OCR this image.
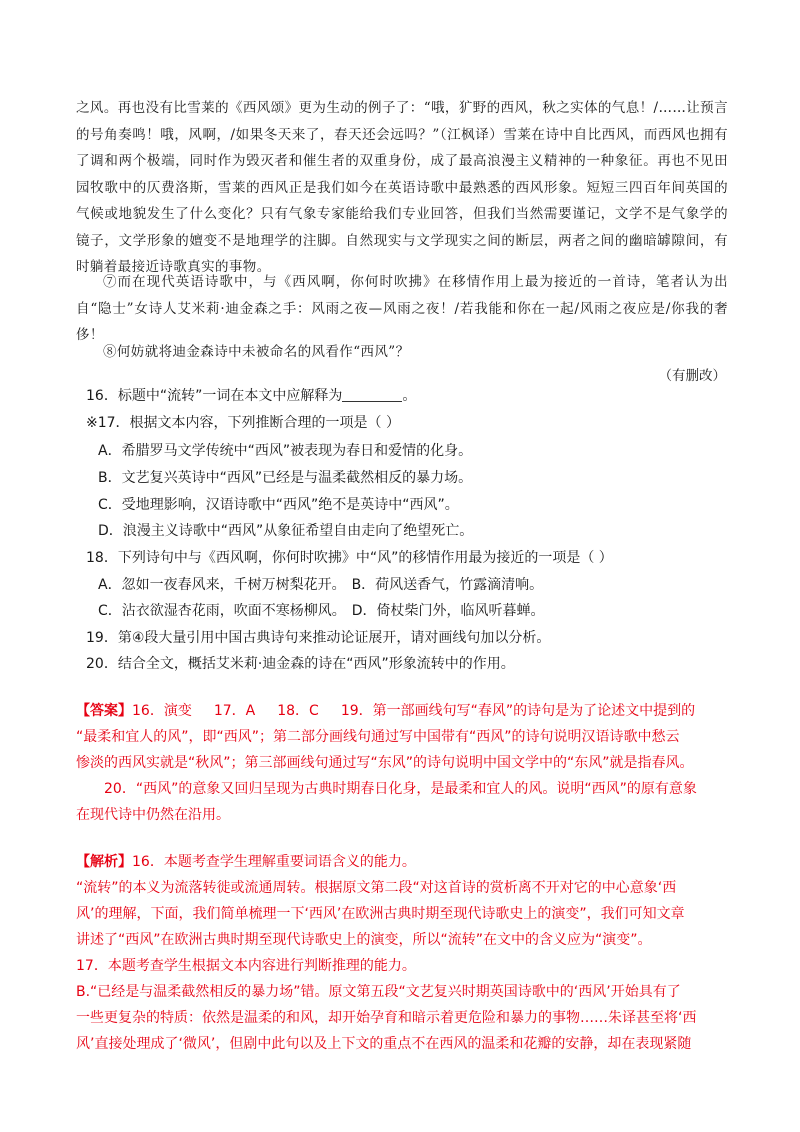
之风。再也没有比雪莱的《西风颂》更为生动的例子了：“哦，犷野的西风，秋之实体的气息！/……让预言的号角奏鸣！哦，风啊，/如果冬天来了，春天还会远吗？”（江枫译）雪莱在诗中自比西风，而西风也拥有了调和两个极端，同时作为毁灭者和催生者的双重身份，成了最高浪漫主义精神的一种象征。再也不见田园牧歌中的仄费洛斯，雪莱的西风正是我们如今在英语诗歌中最熟悉的西风形象。短短三四百年间英国的气候或地貌发生了什么变化？只有气象专家能给我们专业回答，但我们当然需要谨记，文学不是气象学的镜子，文学形象的嬗变不是地理学的注脚。自然现实与文学现实之间的断层，两者之间的幽暗罅隙间，有时躺着最接近诗歌真实的事物。

⑦而在现代英语诗歌中，与《西风啊，你何时吹拂》在移情作用上最为接近的一首诗，笔者认为出自“隐士”女诗人艾米莉·迪金森之手：风雨之夜—风雨之夜！/若我能和你在一起/风雨之夜应是/你我的奢侈！

⑧何妨就将迪金森诗中未被命名的风看作“西风”？

（有删改）
16．标题中“流转”一词在本文中应解释为	。
※17．根据文本内容，下列推断合理的一项是（ ）
A．希腊罗马文学传统中“西风”被表现为春日和爱情的化身。
B．文艺复兴英诗中“西风”已经是与温柔截然相反的暴力场。
C．受地理影响，汉语诗歌中“西风”绝不是英诗中“西风”。
D．浪漫主义诗歌中“西风”从象征希望自由走向了绝望死亡。
18．下列诗句中与《西风啊，你何时吹拂》中“风”的移情作用最为接近的一项是（ ）
A．忽如一夜春风来，千树万树梨花开。 B．荷风送香气，竹露滴清响。
C．沾衣欲湿杏花雨，吹面不寒杨柳风。 D．倚杖柴门外，临风听暮蝉。
19．第④段大量引用中国古典诗句来推动论证展开，请对画线句加以分析。
20．结合全文，概括艾米莉·迪金森的诗在“西风”形象流转中的作用。
【答案】16．演变 17．A 18．C 19．第一部画线句写“春风”的诗句是为了论述文中提到的
“最柔和宜人的风”，即“西风”；第二部分画线句通过写中国带有“西风”的诗句说明汉语诗歌中愁云
惨淡的西风实就是“秋风”；第三部画线句通过写“东风”的诗句说明中国文学中的“东风”就是指春风。
20．“西风”的意象又回归呈现为古典时期春日化身，是最柔和宜人的风。说明“西风”的原有意象
在现代诗中仍然在沿用。
【解析】16．本题考查学生理解重要词语含义的能力。
“流转”的本义为流落转徙或流通周转。根据原文第二段“对这首诗的赏析离不开对它的中心意象‘西
风’的理解，下面，我们简单梳理一下‘西风’在欧洲古典时期至现代诗歌史上的演变”，我们可知文章
讲述了“西风”在欧洲古典时期至现代诗歌史上的演变，所以“流转”在文中的含义应为“演变”。
17．本题考查学生根据文本内容进行判断推理的能力。
B.“已经是与温柔截然相反的暴力场”错。原文第五段“文艺复兴时期英国诗歌中的‘西风’开始具有了
一些更复杂的特质：依然是温柔的和风，却开始孕育和暗示着更危险和暴力的事物……朱译甚至将‘西
风’直接处理成了‘微风’，但剧中此句以及上下文的重点不在西风的温柔和花瓣的安静，却在表现紧随
